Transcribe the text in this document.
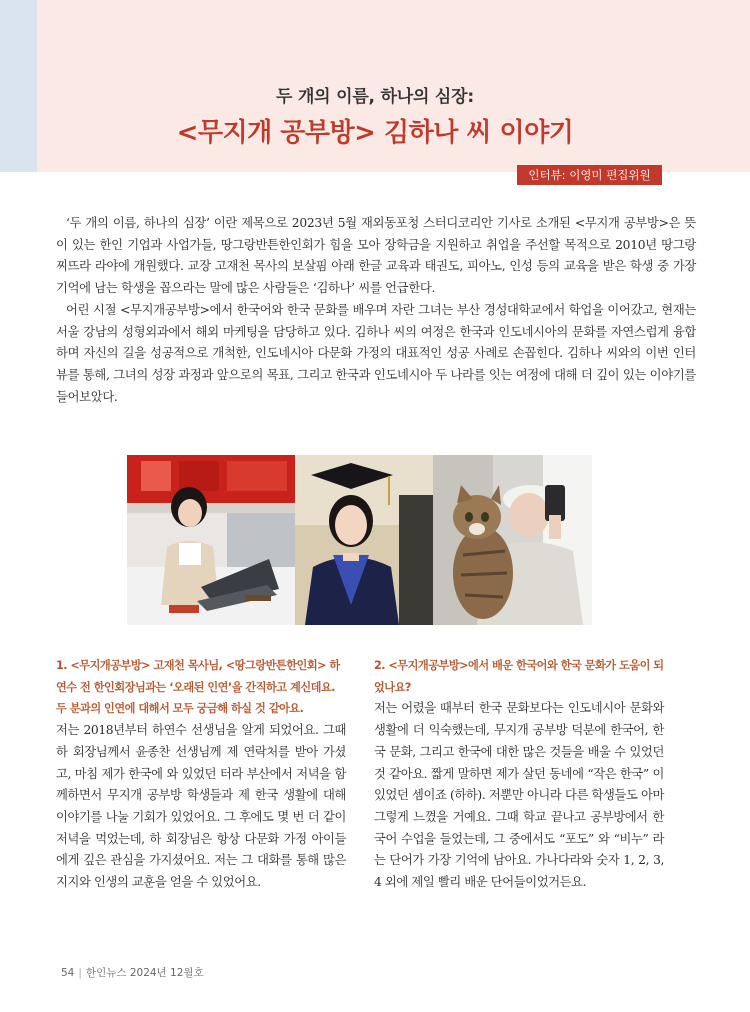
두 개의 이름, 하나의 심장:
<무지개 공부방> 김하나 씨 이야기
인터뷰: 이영미 편집위원

‘두 개의 이름, 하나의 심장’ 이란 제목으로 2023년 5월 재외동포청 스터디코리안 기사로 소개된 <무지개 공부방>은 뜻이 있는 한인 기업과 사업가들, 땅그랑반튼한인회가 힘을 모아 장학금을 지원하고 취업을 주선할 목적으로 2010년 땅그랑 찌뜨라 라야에 개원했다. 교장 고재천 목사의 보살핌 아래 한글 교육과 태권도, 피아노, 인성 등의 교육을 받은 학생 중 가장 기억에 남는 학생을 꼽으라는 말에 많은 사람들은 ‘김하나’ 씨를 언급한다.

어린 시절 <무지개공부방>에서 한국어와 한국 문화를 배우며 자란 그녀는 부산 경성대학교에서 학업을 이어갔고, 현재는 서울 강남의 성형외과에서 해외 마케팅을 담당하고 있다. 김하나 씨의 여정은 한국과 인도네시아의 문화를 자연스럽게 융합하며 자신의 길을 성공적으로 개척한, 인도네시아 다문화 가정의 대표적인 성공 사례로 손꼽힌다. 김하나 씨와의 이번 인터뷰를 통해, 그녀의 성장 과정과 앞으로의 목표, 그리고 한국과 인도네시아 두 나라를 잇는 여정에 대해 더 깊이 있는 이야기를 들어보았다.

1. <무지개공부방> 고재천 목사님, <땅그랑반튼한인회> 하연수 전 한인회장님과는 ‘오래된 인연’을 간직하고 계신데요. 두 분과의 인연에 대해서 모두 궁금해 하실 것 같아요.

저는 2018년부터 하연수 선생님을 알게 되었어요. 그때 하 회장님께서 윤종찬 선생님께 제 연락처를 받아 가셨고, 마침 제가 한국에 와 있었던 터라 부산에서 저녁을 함께하면서 무지개 공부방 학생들과 제 한국 생활에 대해 이야기를 나눌 기회가 있었어요. 그 후에도 몇 번 더 같이 저녁을 먹었는데, 하 회장님은 항상 다문화 가정 아이들에게 깊은 관심을 가지셨어요. 저는 그 대화를 통해 많은 지지와 인생의 교훈을 얻을 수 있었어요.

2. <무지개공부방>에서 배운 한국어와 한국 문화가 도움이 되었나요?

저는 어렸을 때부터 한국 문화보다는 인도네시아 문화와 생활에 더 익숙했는데, 무지개 공부방 덕분에 한국어, 한국 문화, 그리고 한국에 대한 많은 것들을 배울 수 있었던 것 같아요. 짧게 말하면 제가 살던 동네에 “작은 한국” 이 있었던 셈이죠 (하하). 저뿐만 아니라 다른 학생들도 아마 그렇게 느꼈을 거예요. 그때 학교 끝나고 공부방에서 한국어 수업을 들었는데, 그 중에서도 “포도” 와 “비누” 라는 단어가 가장 기억에 남아요. 가나다라와 숫자 1, 2, 3, 4 외에 제일 빨리 배운 단어들이었거든요.

54 | 한인뉴스 2024년 12월호
